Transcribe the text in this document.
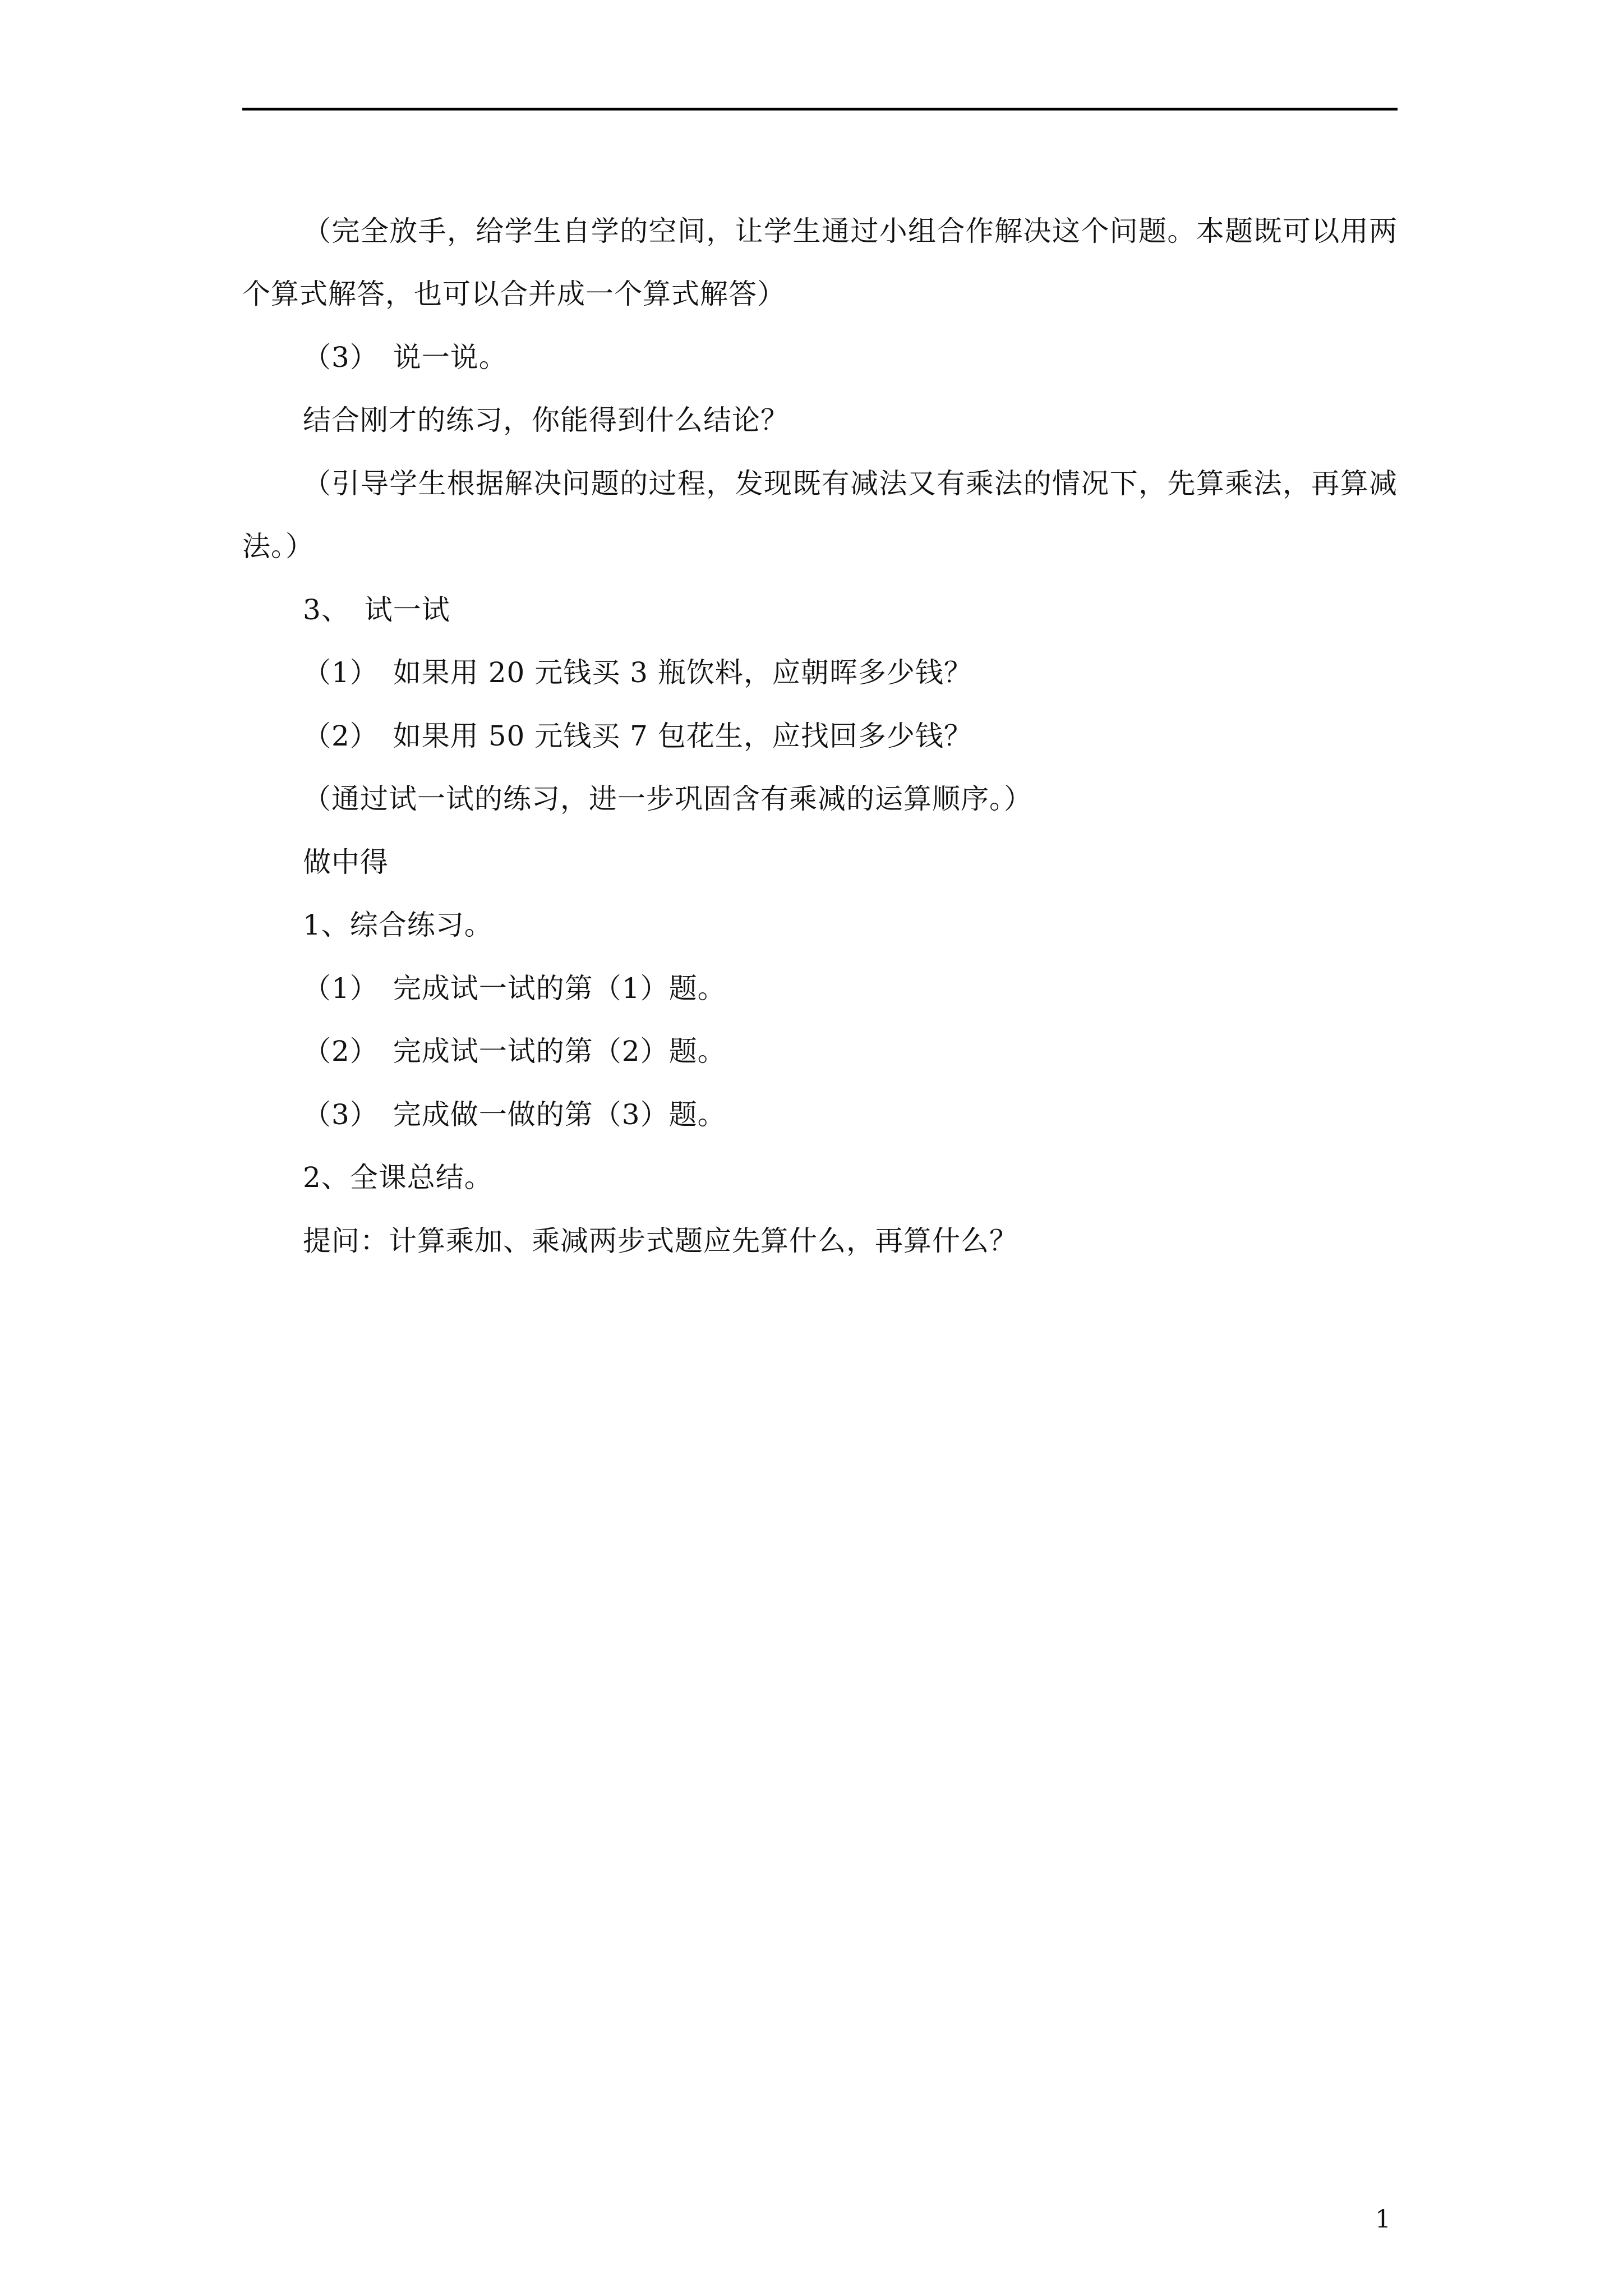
（完全放手，给学生自学的空间，让学生通过小组合作解决这个问题。本题既可以用两
个算式解答，也可以合并成一个算式解答）
（3）　说一说。
结合刚才的练习，你能得到什么结论？
（引导学生根据解决问题的过程，发现既有减法又有乘法的情况下，先算乘法，再算减
法。）
3、　试一试
（1）　如果用 20 元钱买 3 瓶饮料，应朝晖多少钱？
（2）　如果用 50 元钱买 7 包花生，应找回多少钱？
（通过试一试的练习，进一步巩固含有乘减的运算顺序。）
做中得
1、综合练习。
（1）　完成试一试的第（1）题。
（2）　完成试一试的第（2）题。
（3）　完成做一做的第（3）题。
2、全课总结。
提问：计算乘加、乘减两步式题应先算什么，再算什么？
1
